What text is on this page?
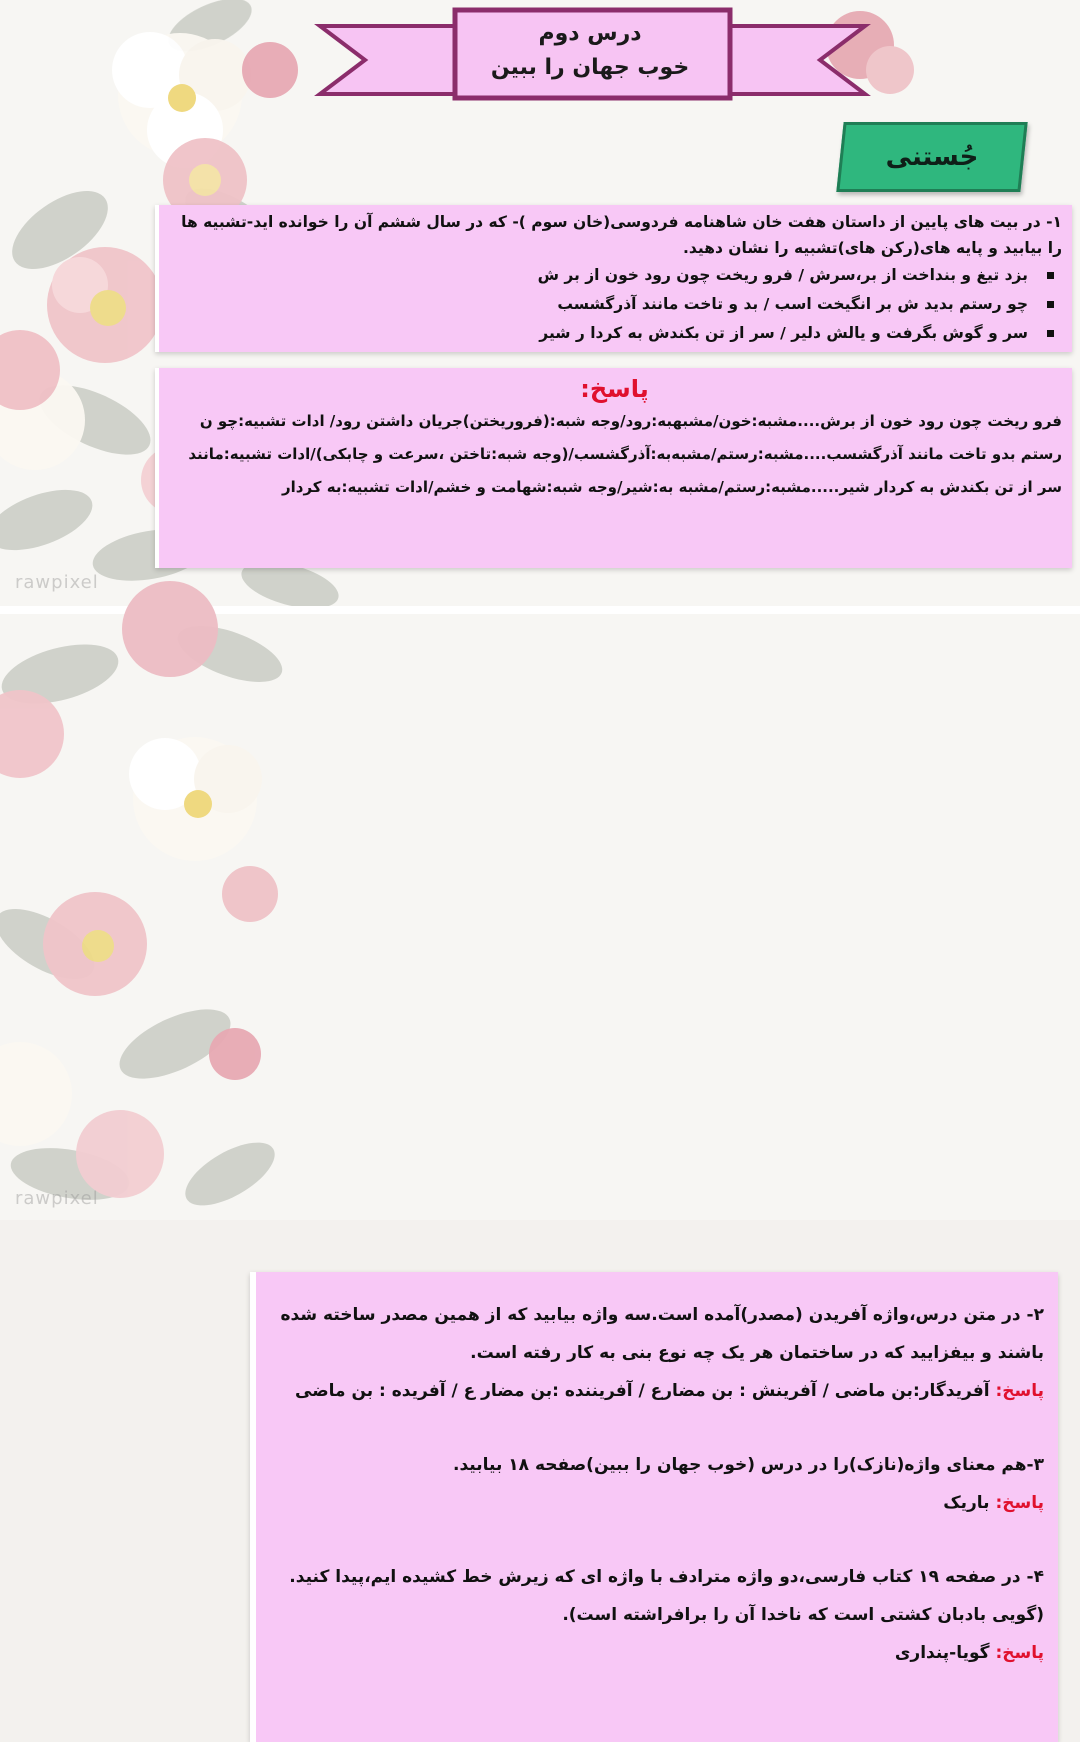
درس دوم
خوب جهان را ببین
جُستنی
۱- در بیت های پایین از داستان هفت خان شاهنامه فردوسی(خان سوم )- که در سال ششم آن را خوانده اید-تشبیه ها را بیابید و پایه های(رکن های)تشبیه را نشان دهید.
بزد تیغ و بنداخت از بر،سرش / فرو ریخت چون رود خون از بر ش
چو رستم بدید ش بر انگیخت اسب / بد و تاخت مانند آذرگشسب
سر و گوش بگرفت و یالش دلیر / سر از تن بکندش به کردا ر شیر
پاسخ:

فرو ریخت چون رود خون از برش....مشبه:خون/مشبهبه:رود/وجه شبه:(فروریختن)جریان داشتن رود/ ادات تشبیه:چو ن

رستم بدو تاخت مانند آذرگشسب....مشبه:رستم/مشبه‌به:آذرگشسب/(وجه شبه:تاختن ،سرعت و چابکی)/ادات تشبیه:مانند

سر از تن بکندش به کردار شیر.....مشبه:رستم/مشبه به:شیر/وجه شبه:شهامت و خشم/ادات تشبیه:به کردار

rawpixel

۲- در متن درس،واژه آفریدن (مصدر)آمده است.سه واژه بیابید که از همین مصدر ساخته شده باشند و بیفزایید که در ساختمان هر یک چه نوع بنی به کار رفته است.

پاسخ: آفریدگار:بن ماضی / آفرینش : بن مضارع / آفریننده :بن مضار ع / آفریده : بن ماضی

۳-هم معنای واژه(نازک)را در درس (خوب جهان را ببین)صفحه ۱۸ بیابید.

پاسخ: باریک

۴- در صفحه ۱۹ کتاب فارسی،دو واژه مترادف با واژه ای که زیرش خط کشیده ایم،پیدا کنید.

(گویی بادبان کشتی است که ناخدا آن را برافراشته است).

پاسخ: گویا-پنداری

rawpixel
